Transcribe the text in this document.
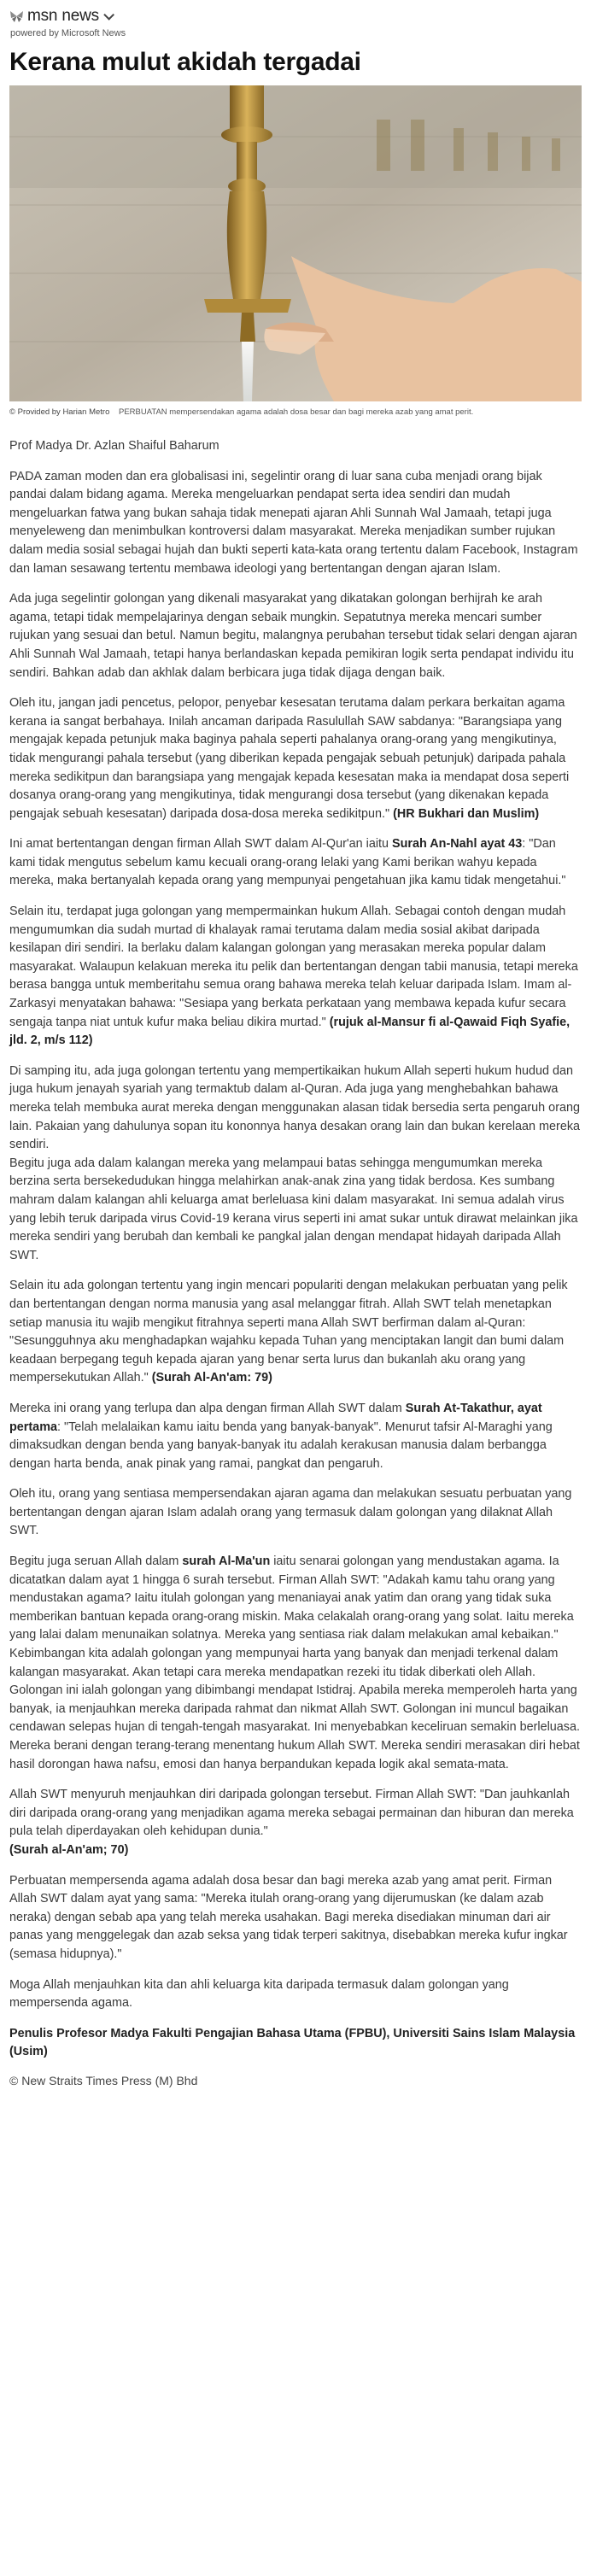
msn news
powered by Microsoft News
Kerana mulut akidah tergadai
© Provided by Harian Metro PERBUATAN mempersendakan agama adalah dosa besar dan bagi mereka azab yang amat perit.

Prof Madya Dr. Azlan Shaiful Baharum

PADA zaman moden dan era globalisasi ini, segelintir orang di luar sana cuba menjadi orang bijak pandai dalam bidang agama. Mereka mengeluarkan pendapat serta idea sendiri dan mudah mengeluarkan fatwa yang bukan sahaja tidak menepati ajaran Ahli Sunnah Wal Jamaah, tetapi juga menyeleweng dan menimbulkan kontroversi dalam masyarakat. Mereka menjadikan sumber rujukan dalam media sosial sebagai hujah dan bukti seperti kata-kata orang tertentu dalam Facebook, Instagram dan laman sesawang tertentu membawa ideologi yang bertentangan dengan ajaran Islam.

Ada juga segelintir golongan yang dikenali masyarakat yang dikatakan golongan berhijrah ke arah agama, tetapi tidak mempelajarinya dengan sebaik mungkin. Sepatutnya mereka mencari sumber rujukan yang sesuai dan betul. Namun begitu, malangnya perubahan tersebut tidak selari dengan ajaran Ahli Sunnah Wal Jamaah, tetapi hanya berlandaskan kepada pemikiran logik serta pendapat individu itu sendiri. Bahkan adab dan akhlak dalam berbicara juga tidak dijaga dengan baik.

Oleh itu, jangan jadi pencetus, pelopor, penyebar kesesatan terutama dalam perkara berkaitan agama kerana ia sangat berbahaya. Inilah ancaman daripada Rasulullah SAW sabdanya: "Barangsiapa yang mengajak kepada petunjuk maka baginya pahala seperti pahalanya orang-orang yang mengikutinya, tidak mengurangi pahala tersebut (yang diberikan kepada pengajak sebuah petunjuk) daripada pahala mereka sedikitpun dan barangsiapa yang mengajak kepada kesesatan maka ia mendapat dosa seperti dosanya orang-orang yang mengikutinya, tidak mengurangi dosa tersebut (yang dikenakan kepada pengajak sebuah kesesatan) daripada dosa-dosa mereka sedikitpun." (HR Bukhari dan Muslim)

Ini amat bertentangan dengan firman Allah SWT dalam Al-Qur'an iaitu Surah An-Nahl ayat 43: "Dan kami tidak mengutus sebelum kamu kecuali orang-orang lelaki yang Kami berikan wahyu kepada mereka, maka bertanyalah kepada orang yang mempunyai pengetahuan jika kamu tidak mengetahui."

Selain itu, terdapat juga golongan yang mempermainkan hukum Allah. Sebagai contoh dengan mudah mengumumkan dia sudah murtad di khalayak ramai terutama dalam media sosial akibat daripada kesilapan diri sendiri. Ia berlaku dalam kalangan golongan yang merasakan mereka popular dalam masyarakat. Walaupun kelakuan mereka itu pelik dan bertentangan dengan tabii manusia, tetapi mereka berasa bangga untuk memberitahu semua orang bahawa mereka telah keluar daripada Islam. Imam al-Zarkasyi menyatakan bahawa: "Sesiapa yang berkata perkataan yang membawa kepada kufur secara sengaja tanpa niat untuk kufur maka beliau dikira murtad." (rujuk al-Mansur fi al-Qawaid Fiqh Syafie, jld. 2, m/s 112)

Di samping itu, ada juga golongan tertentu yang mempertikaikan hukum Allah seperti hukum hudud dan juga hukum jenayah syariah yang termaktub dalam al-Quran. Ada juga yang menghebahkan bahawa mereka telah membuka aurat mereka dengan menggunakan alasan tidak bersedia serta pengaruh orang lain. Pakaian yang dahulunya sopan itu kononnya hanya desakan orang lain dan bukan kerelaan mereka sendiri.

Begitu juga ada dalam kalangan mereka yang melampaui batas sehingga mengumumkan mereka berzina serta bersekedudukan hingga melahirkan anak-anak zina yang tidak berdosa. Kes sumbang mahram dalam kalangan ahli keluarga amat berleluasa kini dalam masyarakat. Ini semua adalah virus yang lebih teruk daripada virus Covid-19 kerana virus seperti ini amat sukar untuk dirawat melainkan jika mereka sendiri yang berubah dan kembali ke pangkal jalan dengan mendapat hidayah daripada Allah SWT.

Selain itu ada golongan tertentu yang ingin mencari populariti dengan melakukan perbuatan yang pelik dan bertentangan dengan norma manusia yang asal melanggar fitrah. Allah SWT telah menetapkan setiap manusia itu wajib mengikut fitrahnya seperti mana Allah SWT berfirman dalam al-Quran: "Sesungguhnya aku menghadapkan wajahku kepada Tuhan yang menciptakan langit dan bumi dalam keadaan berpegang teguh kepada ajaran yang benar serta lurus dan bukanlah aku orang yang mempersekutukan Allah." (Surah Al-An'am: 79)

Mereka ini orang yang terlupa dan alpa dengan firman Allah SWT dalam Surah At-Takathur, ayat pertama: "Telah melalaikan kamu iaitu benda yang banyak-banyak". Menurut tafsir Al-Maraghi yang dimaksudkan dengan benda yang banyak-banyak itu adalah kerakusan manusia dalam berbangga dengan harta benda, anak pinak yang ramai, pangkat dan pengaruh.

Oleh itu, orang yang sentiasa mempersendakan ajaran agama dan melakukan sesuatu perbuatan yang bertentangan dengan ajaran Islam adalah orang yang termasuk dalam golongan yang dilaknat Allah SWT.

Begitu juga seruan Allah dalam surah Al-Ma'un iaitu senarai golongan yang mendustakan agama. Ia dicatatkan dalam ayat 1 hingga 6 surah tersebut. Firman Allah SWT: "Adakah kamu tahu orang yang mendustakan agama? Iaitu itulah golongan yang menaniayai anak yatim dan orang yang tidak suka memberikan bantuan kepada orang-orang miskin. Maka celakalah orang-orang yang solat. Iaitu mereka yang lalai dalam menunaikan solatnya. Mereka yang sentiasa riak dalam melakukan amal kebaikan."

Kebimbangan kita adalah golongan yang mempunyai harta yang banyak dan menjadi terkenal dalam kalangan masyarakat. Akan tetapi cara mereka mendapatkan rezeki itu tidak diberkati oleh Allah. Golongan ini ialah golongan yang dibimbangi mendapat Istidraj. Apabila mereka memperoleh harta yang banyak, ia menjauhkan mereka daripada rahmat dan nikmat Allah SWT. Golongan ini muncul bagaikan cendawan selepas hujan di tengah-tengah masyarakat. Ini menyebabkan keceliruan semakin berleluasa. Mereka berani dengan terang-terang menentang hukum Allah SWT. Mereka sendiri merasakan diri hebat hasil dorongan hawa nafsu, emosi dan hanya berpandukan kepada logik akal semata-mata.

Allah SWT menyuruh menjauhkan diri daripada golongan tersebut. Firman Allah SWT: "Dan jauhkanlah diri daripada orang-orang yang menjadikan agama mereka sebagai permainan dan hiburan dan mereka pula telah diperdayakan oleh kehidupan dunia."
(Surah al-An'am; 70)

Perbuatan mempersenda agama adalah dosa besar dan bagi mereka azab yang amat perit. Firman Allah SWT dalam ayat yang sama: "Mereka itulah orang-orang yang dijerumuskan (ke dalam azab neraka) dengan sebab apa yang telah mereka usahakan. Bagi mereka disediakan minuman dari air panas yang menggelegak dan azab seksa yang tidak terperi sakitnya, disebabkan mereka kufur ingkar (semasa hidupnya)."

Moga Allah menjauhkan kita dan ahli keluarga kita daripada termasuk dalam golongan yang mempersenda agama.

Penulis Profesor Madya Fakulti Pengajian Bahasa Utama (FPBU), Universiti Sains Islam Malaysia (Usim)

© New Straits Times Press (M) Bhd
